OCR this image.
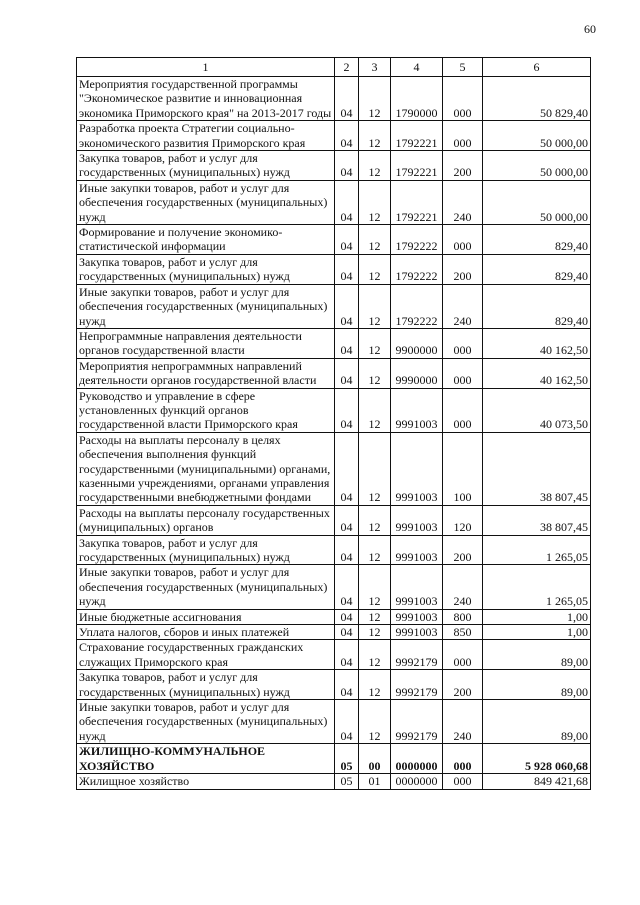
60
1	2	3	4	5	6
Мероприятия государственной программы "Экономическое развитие и инновационная экономика Приморского края" на 2013-2017 годы	04	12	1790000	000	50 829,40
Разработка проекта Стратегии социально-экономического развития Приморского края	04	12	1792221	000	50 000,00
Закупка товаров, работ и услуг для государственных (муниципальных) нужд	04	12	1792221	200	50 000,00
Иные закупки товаров, работ и услуг для обеспечения государственных (муниципальных) нужд	04	12	1792221	240	50 000,00
Формирование и получение экономико-статистической информации	04	12	1792222	000	829,40
Закупка товаров, работ и услуг для государственных (муниципальных) нужд	04	12	1792222	200	829,40
Иные закупки товаров, работ и услуг для обеспечения государственных (муниципальных) нужд	04	12	1792222	240	829,40
Непрограммные направления деятельности органов государственной власти	04	12	9900000	000	40 162,50
Мероприятия непрограммных направлений деятельности органов государственной власти	04	12	9990000	000	40 162,50
Руководство и управление в сфере установленных функций органов государственной власти Приморского края	04	12	9991003	000	40 073,50
Расходы на выплаты персоналу в целях обеспечения выполнения функций государственными (муниципальными) органами, казенными учреждениями, органами управления государственными внебюджетными фондами	04	12	9991003	100	38 807,45
Расходы на выплаты персоналу государственных (муниципальных) органов	04	12	9991003	120	38 807,45
Закупка товаров, работ и услуг для государственных (муниципальных) нужд	04	12	9991003	200	1 265,05
Иные закупки товаров, работ и услуг для обеспечения государственных (муниципальных) нужд	04	12	9991003	240	1 265,05
Иные бюджетные ассигнования	04	12	9991003	800	1,00
Уплата налогов, сборов и иных платежей	04	12	9991003	850	1,00
Страхование государственных гражданских служащих Приморского края	04	12	9992179	000	89,00
Закупка товаров, работ и услуг для государственных (муниципальных) нужд	04	12	9992179	200	89,00
Иные закупки товаров, работ и услуг для обеспечения государственных (муниципальных) нужд	04	12	9992179	240	89,00
ЖИЛИЩНО-КОММУНАЛЬНОЕ ХОЗЯЙСТВО	05	00	0000000	000	5 928 060,68
Жилищное хозяйство	05	01	0000000	000	849 421,68
